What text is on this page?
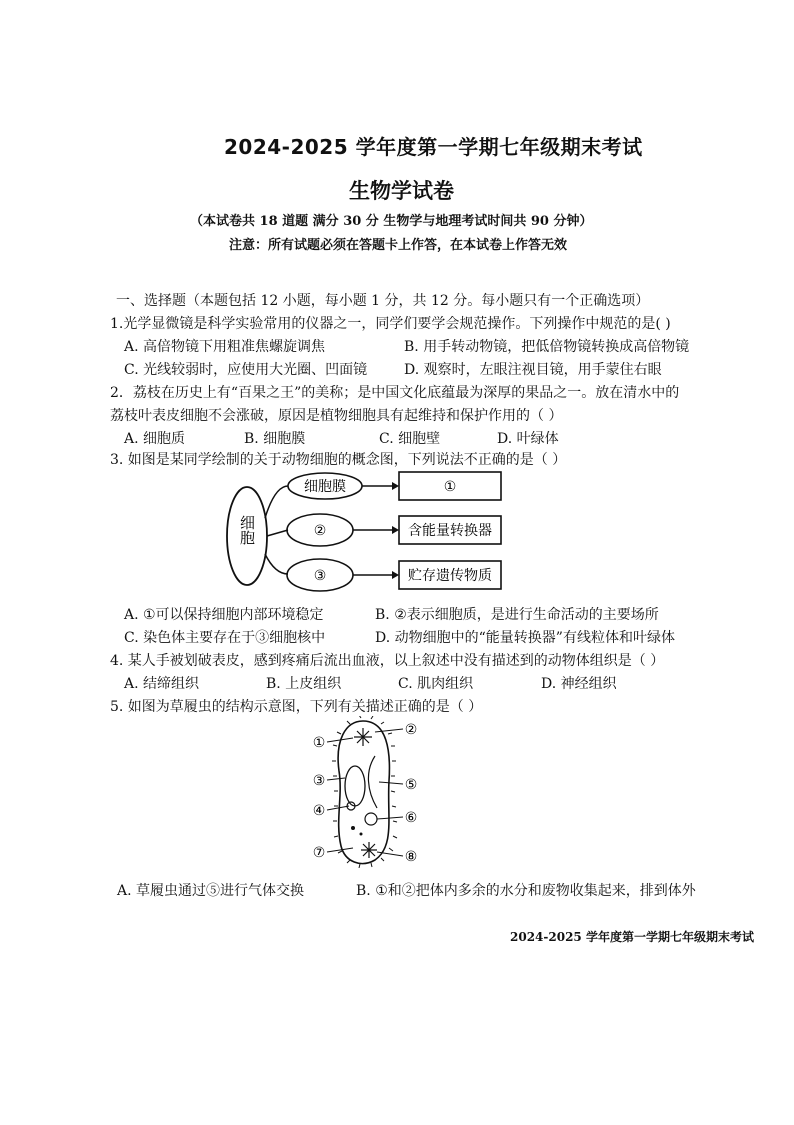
2024-2025 学年度第一学期七年级期末考试
生物学试卷
（本试卷共 18 道题 满分 30 分 生物学与地理考试时间共 90 分钟）
注意：所有试题必须在答题卡上作答，在本试卷上作答无效
一、选择题（本题包括 12 小题，每小题 1 分，共 12 分。每小题只有一个正确选项）
1.光学显微镜是科学实验常用的仪器之一，同学们要学会规范操作。下列操作中规范的是( )
A. 高倍物镜下用粗准焦螺旋调焦	B. 用手转动物镜，把低倍物镜转换成高倍物镜
C. 光线较弱时，应使用大光圈、凹面镜	D. 观察时，左眼注视目镜，用手蒙住右眼
2．荔枝在历史上有“百果之王”的美称；是中国文化底蕴最为深厚的果品之一。放在清水中的
荔枝叶表皮细胞不会涨破，原因是植物细胞具有起维持和保护作用的（ ）
A. 细胞质	B. 细胞膜	C. 细胞壁	D. 叶绿体
3. 如图是某同学绘制的关于动物细胞的概念图，下列说法不正确的是（ ）
细胞
细胞膜
②
③
①
含能量转换器
贮存遗传物质
A. ①可以保持细胞内部环境稳定	B. ②表示细胞质，是进行生命活动的主要场所
C. 染色体主要存在于③细胞核中	D. 动物细胞中的“能量转换器”有线粒体和叶绿体
4. 某人手被划破表皮，感到疼痛后流出血液，以上叙述中没有描述到的动物体组织是（ ）
A. 结缔组织	B. 上皮组织	C. 肌肉组织	D. 神经组织
5. 如图为草履虫的结构示意图，下列有关描述正确的是（ ）
①
②
③
④
⑤
⑥
⑦	⑧
A. 草履虫通过⑤进行气体交换	B. ①和②把体内多余的水分和废物收集起来，排到体外
2024-2025 学年度第一学期七年级期末考试
